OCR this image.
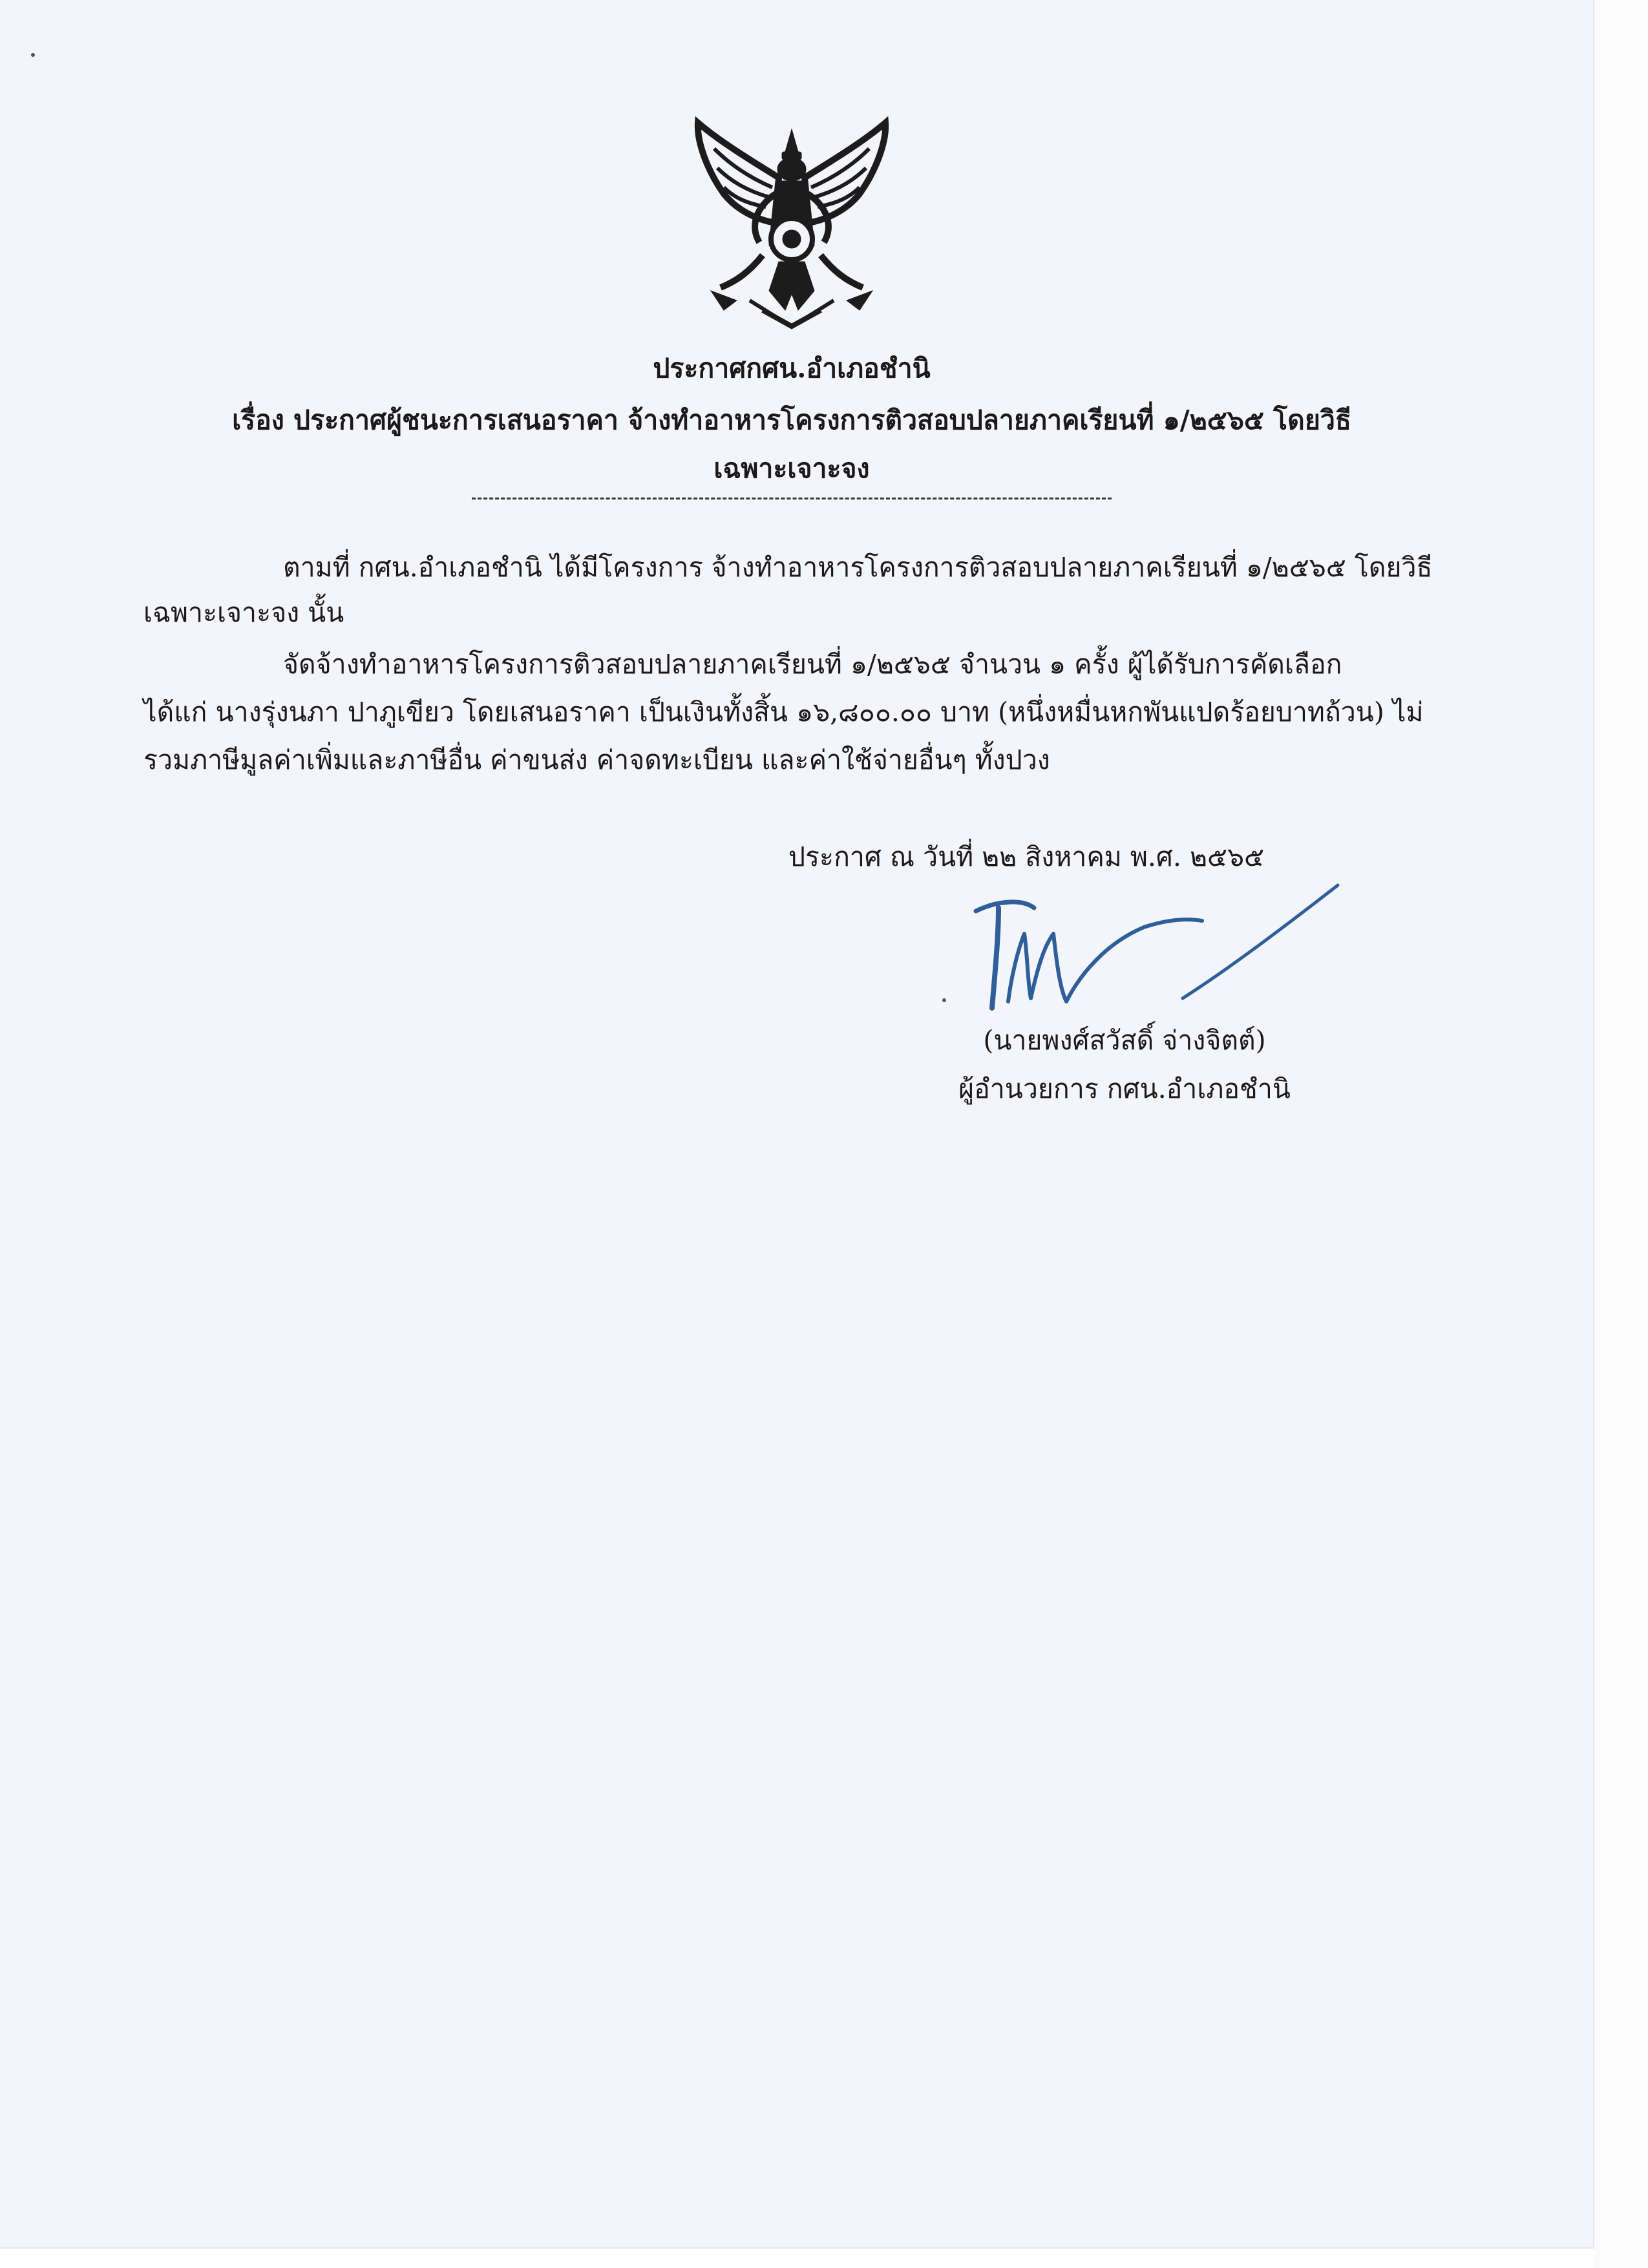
ประกาศกศน.อำเภอชำนิ
เรื่อง ประกาศผู้ชนะการเสนอราคา จ้างทำอาหารโครงการติวสอบปลายภาคเรียนที่ ๑/๒๕๖๕ โดยวิธี
เฉพาะเจาะจง
ตามที่ กศน.อำเภอชำนิ ได้มีโครงการ จ้างทำอาหารโครงการติวสอบปลายภาคเรียนที่ ๑/๒๕๖๕ โดยวิธี
เฉพาะเจาะจง นั้น
จัดจ้างทำอาหารโครงการติวสอบปลายภาคเรียนที่ ๑/๒๕๖๕ จำนวน ๑ ครั้ง ผู้ได้รับการคัดเลือก
ได้แก่ นางรุ่งนภา ปาภูเขียว โดยเสนอราคา เป็นเงินทั้งสิ้น ๑๖,๘๐๐.๐๐ บาท (หนึ่งหมื่นหกพันแปดร้อยบาทถ้วน) ไม่
รวมภาษีมูลค่าเพิ่มและภาษีอื่น ค่าขนส่ง ค่าจดทะเบียน และค่าใช้จ่ายอื่นๆ ทั้งปวง
ประกาศ ณ วันที่ ๒๒ สิงหาคม พ.ศ. ๒๕๖๕
(นายพงศ์สวัสดิ์ จ่างจิตต์)
ผู้อำนวยการ กศน.อำเภอชำนิ
